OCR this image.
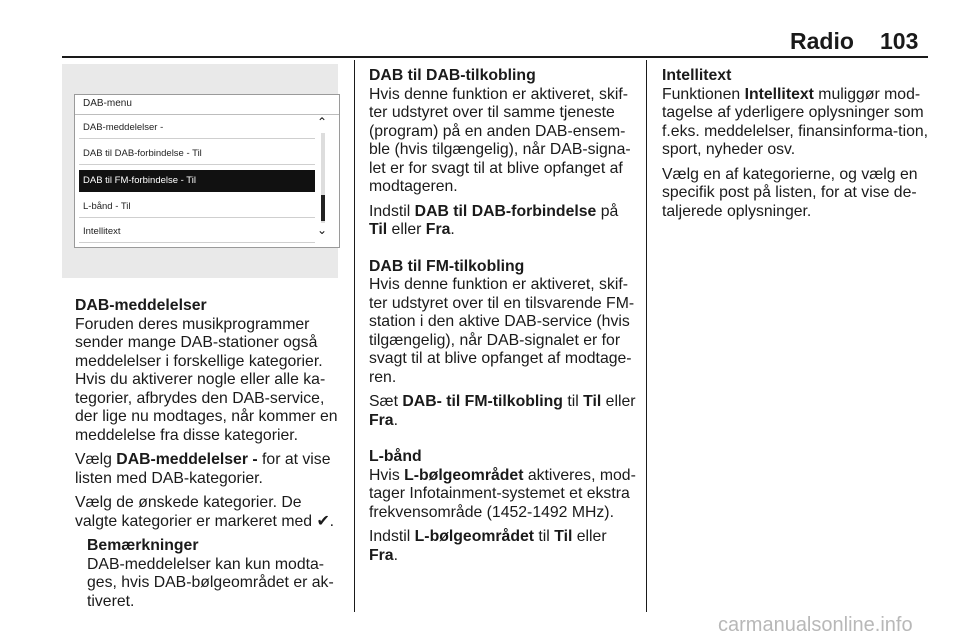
Radio 103
DAB-menu
DAB-meddelelser -
DAB til DAB-forbindelse - Til
DAB til FM-forbindelse - Til
L-bånd - Til
Intellitext
⌃
⌄

DAB-meddelelser

Foruden deres musikprogrammer sender mange DAB-stationer også meddelelser i forskellige kategorier. Hvis du aktiverer nogle eller alle ka-tegorier, afbrydes den DAB-service, der lige nu modtages, når kommer en meddelelse fra disse kategorier.

Vælg DAB-meddelelser - for at vise listen med DAB-kategorier.

Vælg de ønskede kategorier. De valgte kategorier er markeret med ✔.

Bemærkninger

DAB-meddelelser kan kun modta-ges, hvis DAB-bølgeområdet er ak-tiveret.

DAB til DAB-tilkobling

Hvis denne funktion er aktiveret, skif-ter udstyret over til samme tjeneste (program) på en anden DAB-ensem-ble (hvis tilgængelig), når DAB-signa-let er for svagt til at blive opfanget af modtageren.

Indstil DAB til DAB-forbindelse på Til eller Fra.

DAB til FM-tilkobling

Hvis denne funktion er aktiveret, skif-ter udstyret over til en tilsvarende FM-station i den aktive DAB-service (hvis tilgængelig), når DAB-signalet er for svagt til at blive opfanget af modtage-ren.

Sæt DAB- til FM-tilkobling til Til eller Fra.

L-bånd

Hvis L-bølgeområdet aktiveres, mod-tager Infotainment-systemet et ekstra frekvensområde (1452-1492 MHz).

Indstil L-bølgeområdet til Til eller Fra.

Intellitext

Funktionen Intellitext muliggør mod-tagelse af yderligere oplysninger som f.eks. meddelelser, finansinforma-tion, sport, nyheder osv.

Vælg en af kategorierne, og vælg en specifik post på listen, for at vise de-taljerede oplysninger.

carmanualsonline.info
